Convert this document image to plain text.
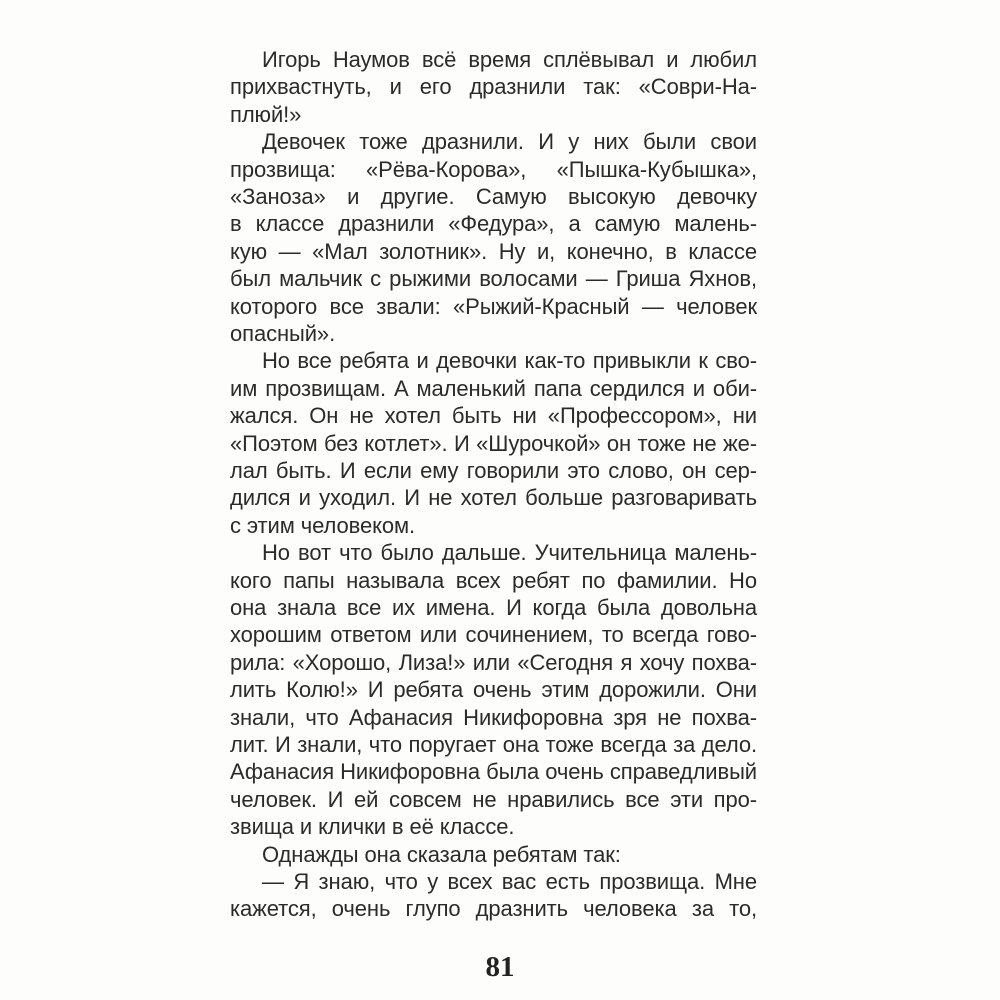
Игорь Наумов всё время сплёвывал и любил
прихвастнуть, и его дразнили так: «Соври-На-
плюй!»
Девочек тоже дразнили. И у них были свои
прозвища: «Рёва-Корова», «Пышка-Кубышка»,
«Заноза» и другие. Самую высокую девочку
в классе дразнили «Федура», а самую малень-
кую — «Мал золотник». Ну и, конечно, в классе
был мальчик с рыжими волосами — Гриша Яхнов,
которого все звали: «Рыжий-Красный — человек
опасный».
Но все ребята и девочки как-то привыкли к сво-
им прозвищам. А маленький папа сердился и оби-
жался. Он не хотел быть ни «Профессором», ни
«Поэтом без котлет». И «Шурочкой» он тоже не же-
лал быть. И если ему говорили это слово, он сер-
дился и уходил. И не хотел больше разговаривать
с этим человеком.
Но вот что было дальше. Учительница малень-
кого папы называла всех ребят по фамилии. Но
она знала все их имена. И когда была довольна
хорошим ответом или сочинением, то всегда гово-
рила: «Хорошо, Лиза!» или «Сегодня я хочу похва-
лить Колю!» И ребята очень этим дорожили. Они
знали, что Афанасия Никифоровна зря не похва-
лит. И знали, что поругает она тоже всегда за дело.
Афанасия Никифоровна была очень справедливый
человек. И ей совсем не нравились все эти про-
звища и клички в её классе.
Однажды она сказала ребятам так:
— Я знаю, что у всех вас есть прозвища. Мне
кажется, очень глупо дразнить человека за то,
81
